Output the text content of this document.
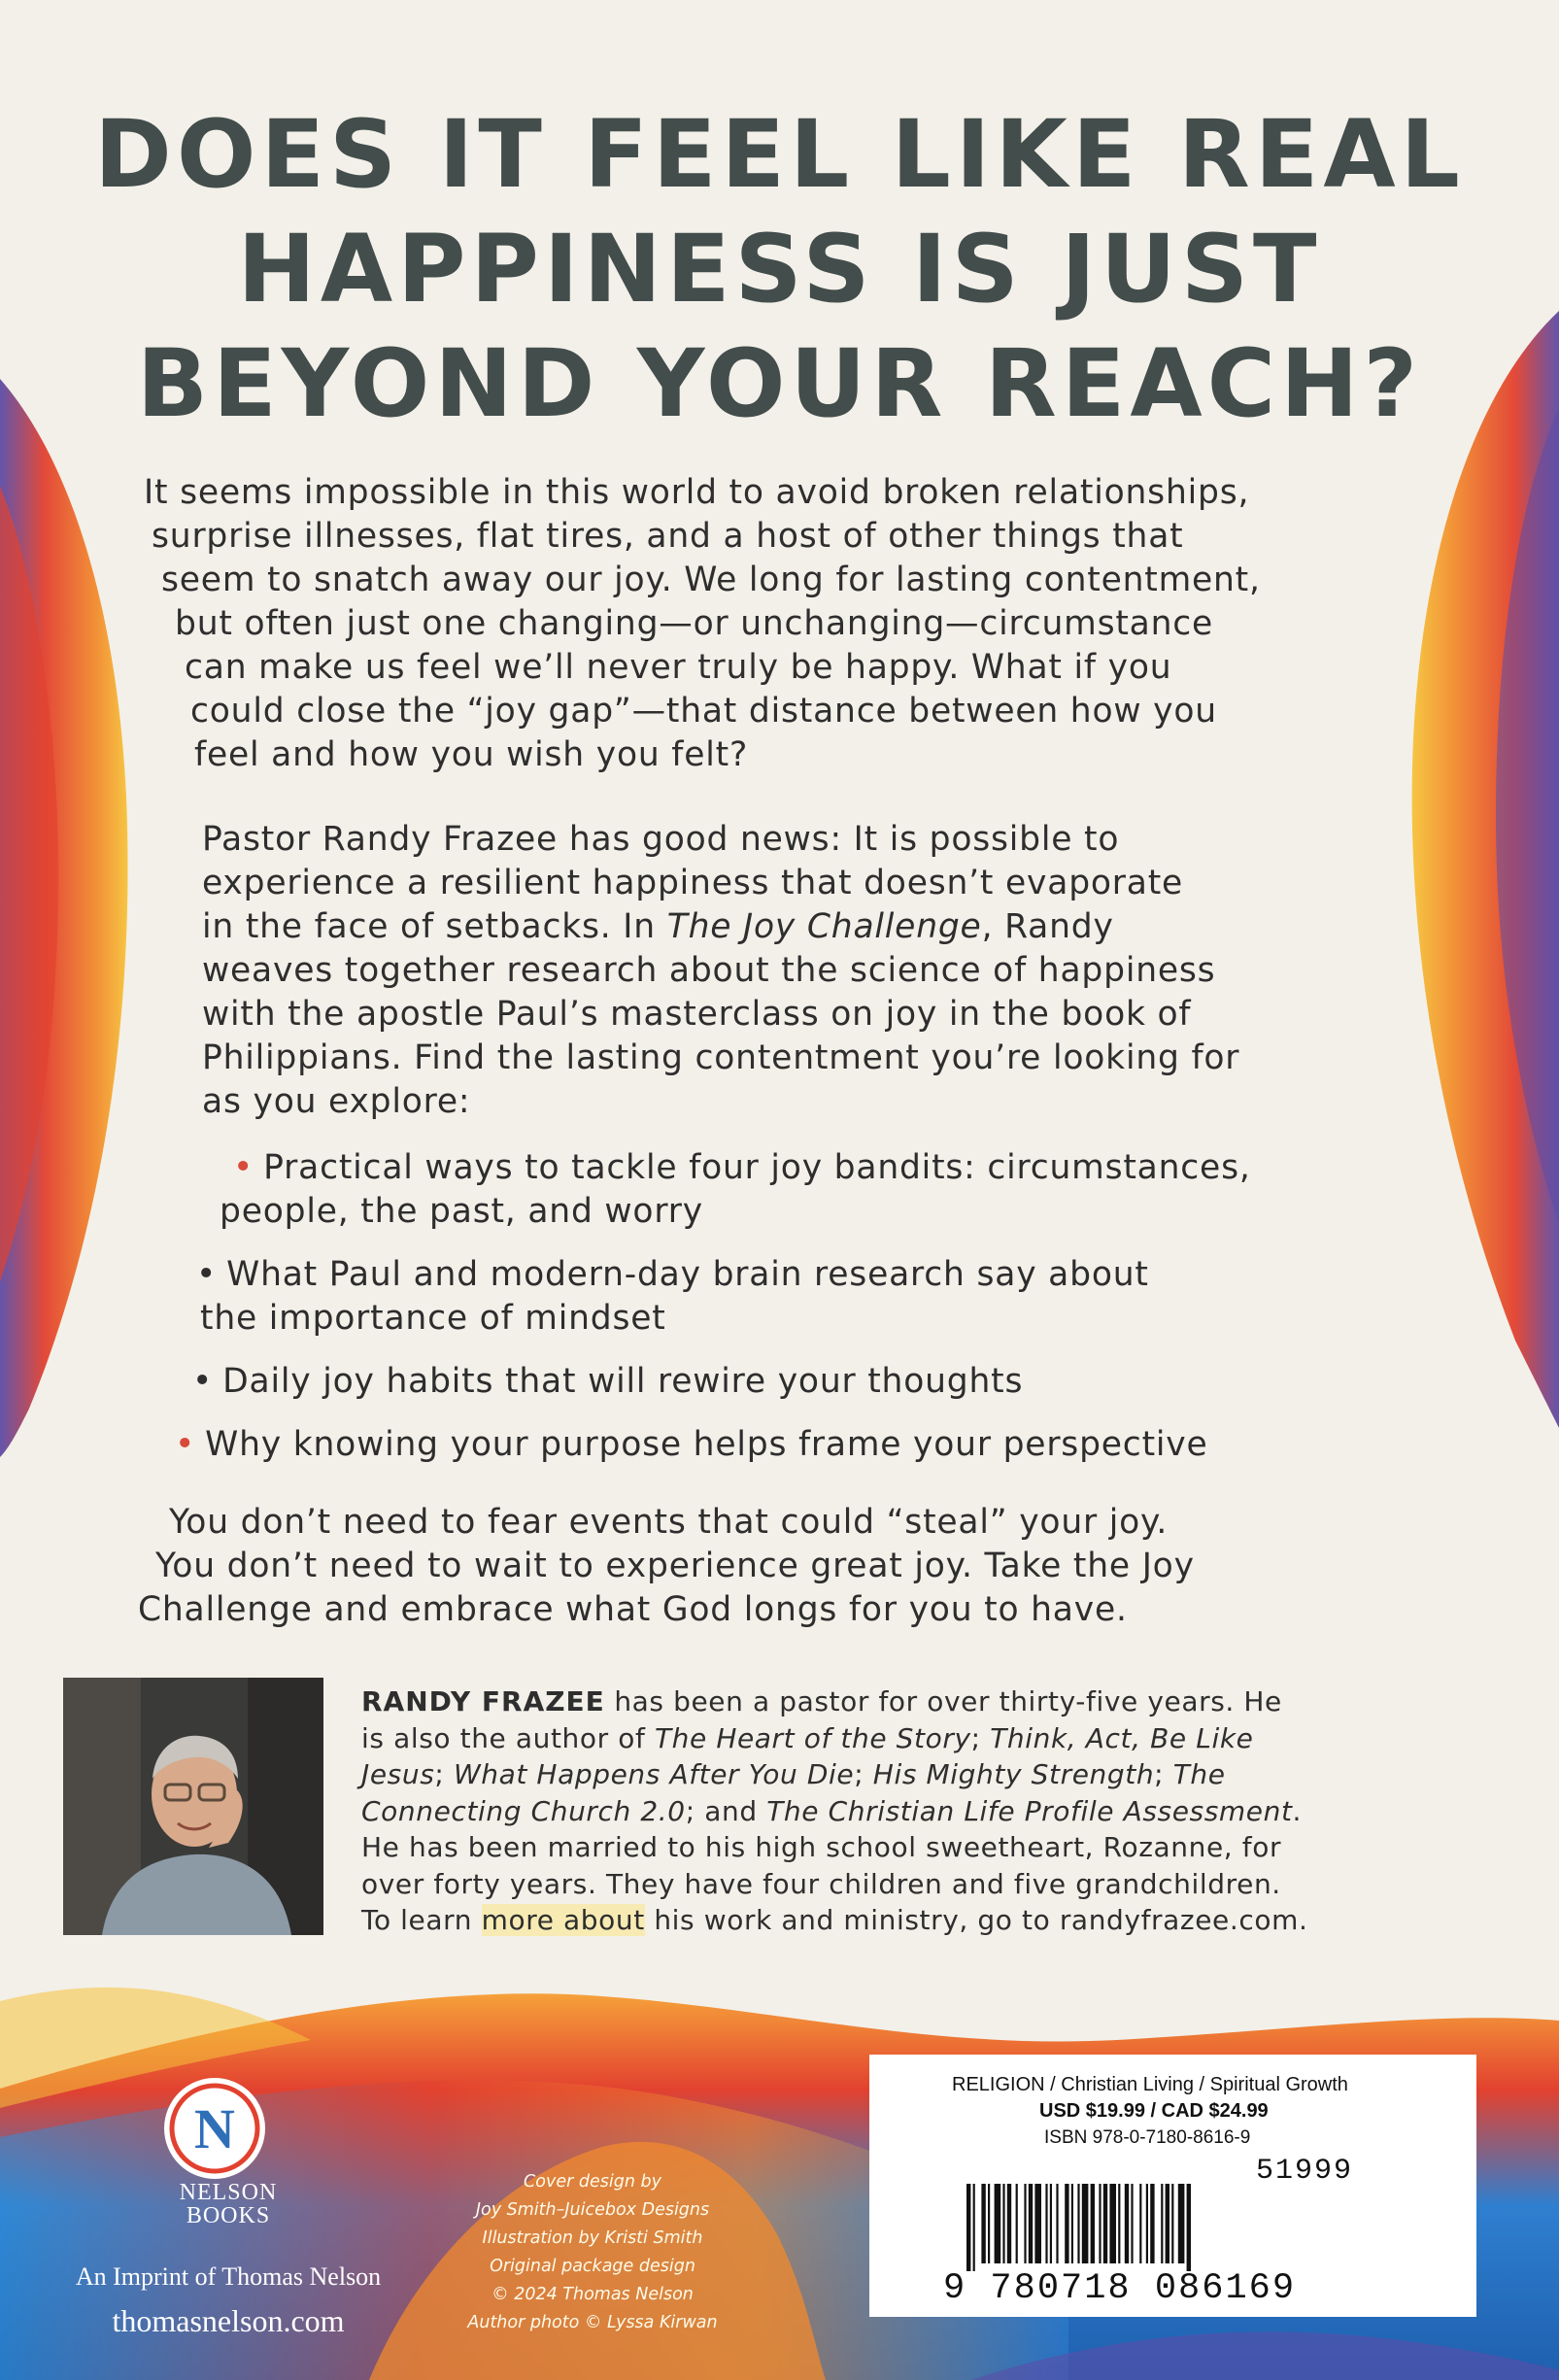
DOES IT FEEL LIKE REAL
HAPPINESS IS JUST
BEYOND YOUR REACH?
It seems impossible in this world to avoid broken relationships,
surprise illnesses, flat tires, and a host of other things that
seem to snatch away our joy. We long for lasting contentment,
but often just one changing—or unchanging—circumstance
can make us feel we’ll never truly be happy. What if you
could close the “joy gap”—that distance between how you
feel and how you wish you felt?
Pastor Randy Frazee has good news: It is possible to
experience a resilient happiness that doesn’t evaporate
in the face of setbacks. In The Joy Challenge, Randy
weaves together research about the science of happiness
with the apostle Paul’s masterclass on joy in the book of
Philippians. Find the lasting contentment you’re looking for
as you explore:
• Practical ways to tackle four joy bandits: circumstances,
people, the past, and worry
• What Paul and modern-day brain research say about
the importance of mindset
• Daily joy habits that will rewire your thoughts
• Why knowing your purpose helps frame your perspective
You don’t need to fear events that could “steal” your joy.
You don’t need to wait to experience great joy. Take the Joy
Challenge and embrace what God longs for you to have.
RANDY FRAZEE has been a pastor for over thirty-five years. He
is also the author of The Heart of the Story; Think, Act, Be Like
Jesus; What Happens After You Die; His Mighty Strength; The
Connecting Church 2.0; and The Christian Life Profile Assessment.
He has been married to his high school sweetheart, Rozanne, for
over forty years. They have four children and five grandchildren.
To learn more about his work and ministry, go to randyfrazee.com.
N
NELSON
BOOKS
An Imprint of Thomas Nelson
thomasnelson.com
Cover design by
Joy Smith–Juicebox Designs
Illustration by Kristi Smith
Original package design
© 2024 Thomas Nelson
Author photo © Lyssa Kirwan
RELIGION / Christian Living / Spiritual Growth
USD $19.99 / CAD $24.99
ISBN 978-0-7180-8616-9
51999
9 780718 086169
